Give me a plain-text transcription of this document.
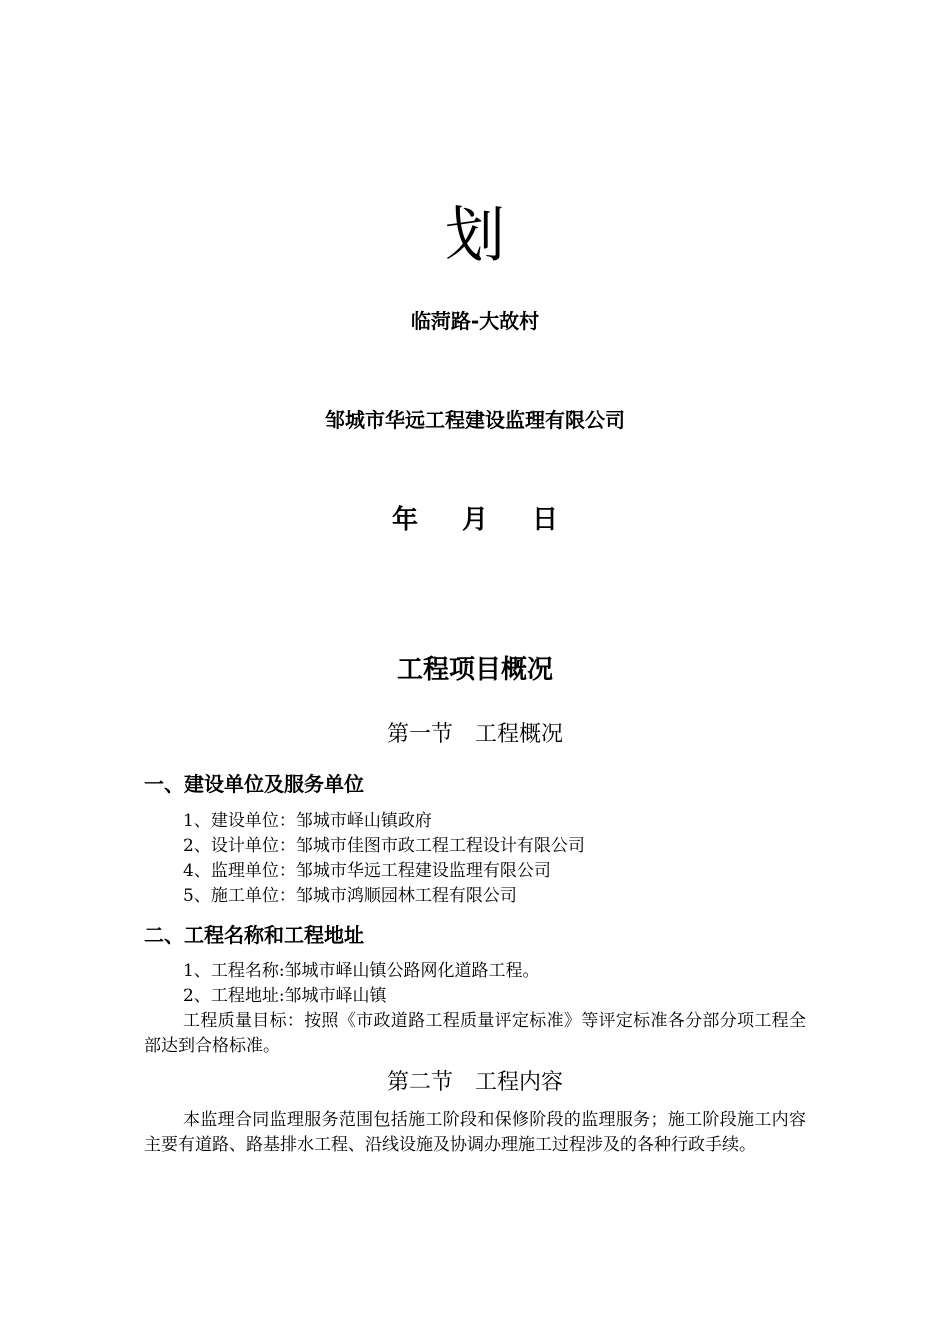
划
临菏路-大故村
邹城市华远工程建设监理有限公司
年 月 日
工程项目概况
第一节　工程概况
一、建设单位及服务单位
1、建设单位：邹城市峄山镇政府
2、设计单位：邹城市佳图市政工程工程设计有限公司
4、监理单位：邹城市华远工程建设监理有限公司
5、施工单位：邹城市鸿顺园林工程有限公司
二、工程名称和工程地址
1、工程名称:邹城市峄山镇公路网化道路工程。
2、工程地址:邹城市峄山镇
工程质量目标：按照《市政道路工程质量评定标准》等评定标准各分部分项工程全部达到合格标准。
第二节　工程内容
本监理合同监理服务范围包括施工阶段和保修阶段的监理服务；施工阶段施工内容主要有道路、路基排水工程、沿线设施及协调办理施工过程涉及的各种行政手续。
